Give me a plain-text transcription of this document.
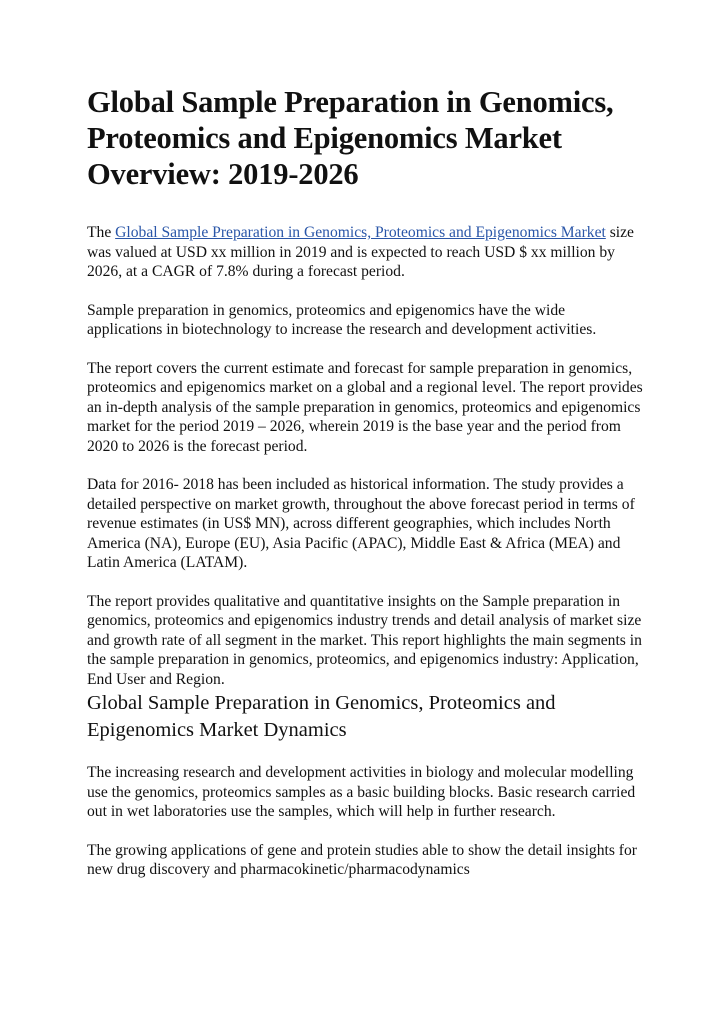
Global Sample Preparation in Genomics, Proteomics and Epigenomics Market Overview: 2019-2026

The Global Sample Preparation in Genomics, Proteomics and Epigenomics Market size was valued at USD xx million in 2019 and is expected to reach USD $ xx million by 2026, at a CAGR of 7.8% during a forecast period.

Sample preparation in genomics, proteomics and epigenomics have the wide applications in biotechnology to increase the research and development activities.

The report covers the current estimate and forecast for sample preparation in genomics, proteomics and epigenomics market on a global and a regional level. The report provides an in-depth analysis of the sample preparation in genomics, proteomics and epigenomics market for the period 2019 – 2026, wherein 2019 is the base year and the period from 2020 to 2026 is the forecast period.

Data for 2016- 2018 has been included as historical information. The study provides a detailed perspective on market growth, throughout the above forecast period in terms of revenue estimates (in US$ MN), across different geographies, which includes North America (NA), Europe (EU), Asia Pacific (APAC), Middle East & Africa (MEA) and Latin America (LATAM).

The report provides qualitative and quantitative insights on the Sample preparation in genomics, proteomics and epigenomics industry trends and detail analysis of market size and growth rate of all segment in the market. This report highlights the main segments in the sample preparation in genomics, proteomics, and epigenomics industry: Application, End User and Region.

Global Sample Preparation in Genomics, Proteomics and Epigenomics Market Dynamics

The increasing research and development activities in biology and molecular modelling use the genomics, proteomics samples as a basic building blocks. Basic research carried out in wet laboratories use the samples, which will help in further research.

The growing applications of gene and protein studies able to show the detail insights for new drug discovery and pharmacokinetic/pharmacodynamics
